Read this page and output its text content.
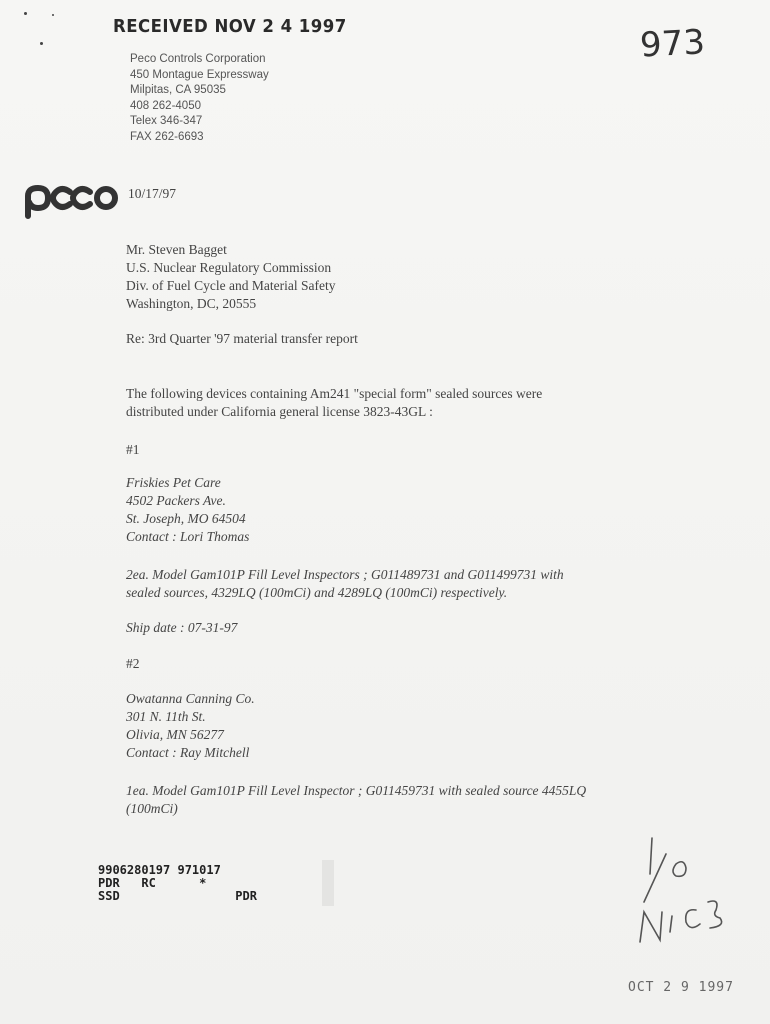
RECEIVED NOV 2 4 1997	973
Peco Controls Corporation
450 Montague Expressway
Milpitas, CA 95035
408 262-4050
Telex 346-347
FAX 262-6693
10/17/97
Mr. Steven Bagget
U.S. Nuclear Regulatory Commission
Div. of Fuel Cycle and Material Safety
Washington, DC, 20555
Re: 3rd Quarter '97 material transfer report
The following devices containing Am241 "special form" sealed sources were
distributed under California general license 3823-43GL :
#1
Friskies Pet Care
4502 Packers Ave.
St. Joseph, MO 64504
Contact : Lori Thomas
2ea. Model Gam101P Fill Level Inspectors ; G011489731 and G011499731 with
sealed sources, 4329LQ (100mCi) and 4289LQ (100mCi) respectively.
Ship date : 07-31-97
#2
Owatanna Canning Co.
301 N. 11th St.
Olivia, MN 56277
Contact : Ray Mitchell
1ea. Model Gam101P Fill Level Inspector ; G011459731 with sealed source 4455LQ
(100mCi)
9906280197 971017
PDR   RC      *
SSD                PDR
OCT 2 9 1997
